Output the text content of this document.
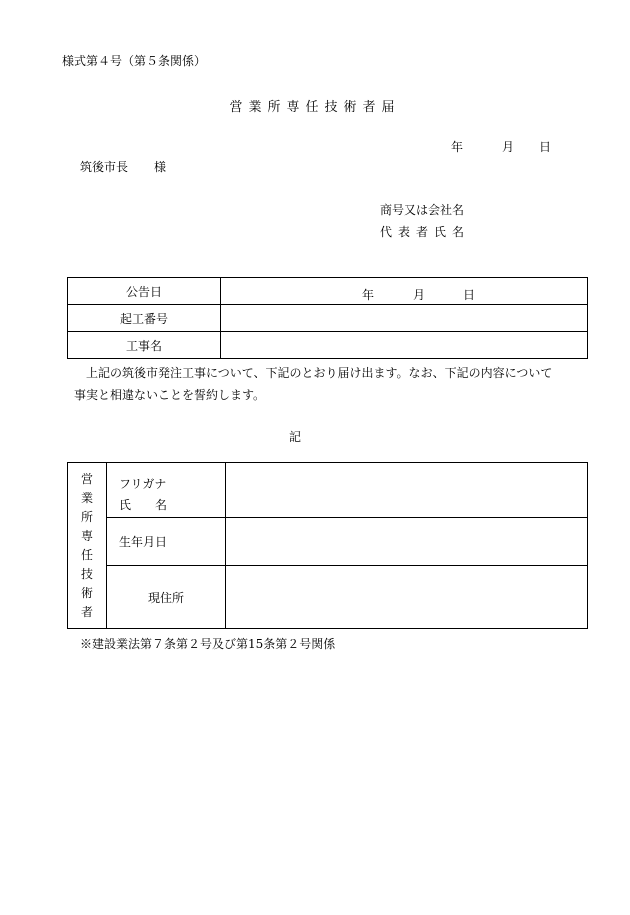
様式第４号（第５条関係）
営業所専任技術者届
年	月 日
筑後市長 様
商号又は会社名
代表者氏名
公告日	年 月 日

起工番号	
工事名	

上記の筑後市発注工事について、下記のとおり届け出ます。なお、下記の内容について

事実と相違ないことを誓約します。

記
営業所専任技術者	フリガナ
氏　　名	

	生年月日	
	現住所	
※建設業法第７条第２号及び第15条第２号関係
